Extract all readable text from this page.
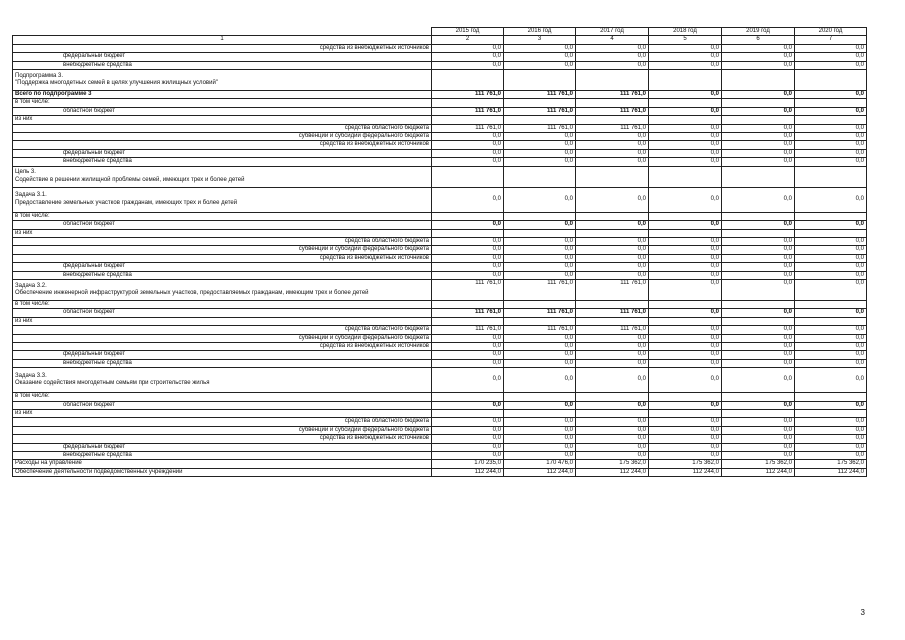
	2015 год	2016 год	2017 год	2018 год	2019 год	2020 год
1	2	3	4	5	6	7

средства из внебюджетных источников	0,0	0,0	0,0	0,0	0,0	0,0

федеральный бюджет	0,0	0,0	0,0	0,0	0,0	0,0

внебюджетные средства	0,0	0,0	0,0	0,0	0,0	0,0

Подпрограмма 3.
"Поддержка многодетных семей в целях улучшения жилищных условий"						

Всего по подпрограмме 3	111 761,0	111 761,0	111 761,0	0,0	0,0	0,0

в том числе:						

областной бюджет	111 761,0	111 761,0	111 761,0	0,0	0,0	0,0

из них						

средства областного бюджета	111 761,0	111 761,0	111 761,0	0,0	0,0	0,0

субвенции и субсидии федерального бюджета	0,0	0,0	0,0	0,0	0,0	0,0

средства из внебюджетных источников	0,0	0,0	0,0	0,0	0,0	0,0

федеральный бюджет	0,0	0,0	0,0	0,0	0,0	0,0

внебюджетные средства	0,0	0,0	0,0	0,0	0,0	0,0

Цель 3.
Содействие в решении жилищной проблемы семей, имеющих трех и более детей						

Задача 3.1.
Предоставление земельных участков гражданам, имеющих трех и более детей	0,0	0,0	0,0	0,0	0,0	0,0

в том числе:						

областной бюджет	0,0	0,0	0,0	0,0	0,0	0,0

из них						

средства областного бюджета	0,0	0,0	0,0	0,0	0,0	0,0

субвенции и субсидии федерального бюджета	0,0	0,0	0,0	0,0	0,0	0,0

средства из внебюджетных источников	0,0	0,0	0,0	0,0	0,0	0,0

федеральный бюджет	0,0	0,0	0,0	0,0	0,0	0,0

внебюджетные средства	0,0	0,0	0,0	0,0	0,0	0,0

Задача 3.2.
Обеспечение инженерной инфраструктурой земельных участков, предоставляемых гражданам, имеющим трех и более детей	111 761,0	111 761,0	111 761,0	0,0	0,0	0,0

в том числе:						

областной бюджет	111 761,0	111 761,0	111 761,0	0,0	0,0	0,0

из них						

средства областного бюджета	111 761,0	111 761,0	111 761,0	0,0	0,0	0,0

субвенции и субсидии федерального бюджета	0,0	0,0	0,0	0,0	0,0	0,0

средства из внебюджетных источников	0,0	0,0	0,0	0,0	0,0	0,0

федеральный бюджет	0,0	0,0	0,0	0,0	0,0	0,0

внебюджетные средства	0,0	0,0	0,0	0,0	0,0	0,0

Задача 3.3.
Оказание содействия многодетным семьям при строительстве жилья	0,0	0,0	0,0	0,0	0,0	0,0

в том числе:						

областной бюджет	0,0	0,0	0,0	0,0	0,0	0,0

из них						

средства областного бюджета	0,0	0,0	0,0	0,0	0,0	0,0

субвенции и субсидии федерального бюджета	0,0	0,0	0,0	0,0	0,0	0,0

средства из внебюджетных источников	0,0	0,0	0,0	0,0	0,0	0,0

федеральный бюджет	0,0	0,0	0,0	0,0	0,0	0,0

внебюджетные средства	0,0	0,0	0,0	0,0	0,0	0,0

Расходы на управление	170 235,0	170 476,0	175 362,0	175 362,0	175 362,0	175 362,0

Обеспечение деятельности подведомственных учреждений	112 244,0	112 244,0	112 244,0	112 244,0	112 244,0	112 244,0
3
